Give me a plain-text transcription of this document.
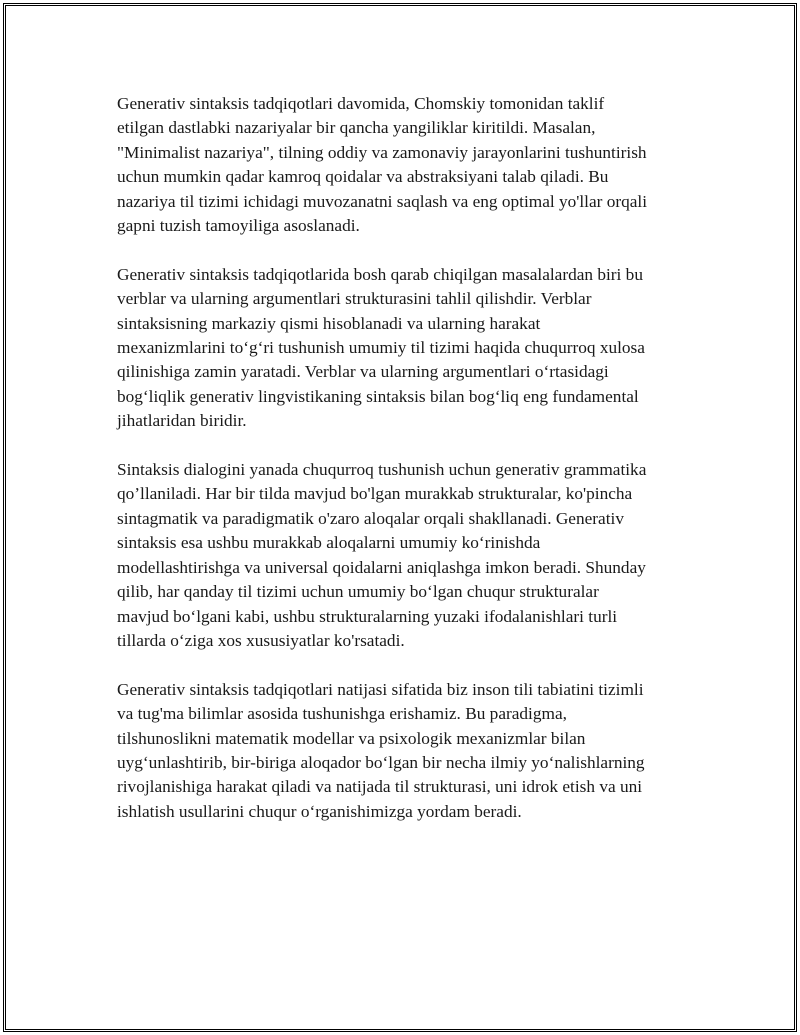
Generativ sintaksis tadqiqotlari davomida, Chomskiy tomonidan taklif
etilgan dastlabki nazariyalar bir qancha yangiliklar kiritildi. Masalan,
"Minimalist nazariya", tilning oddiy va zamonaviy jarayonlarini tushuntirish
uchun mumkin qadar kamroq qoidalar va abstraksiyani talab qiladi. Bu
nazariya til tizimi ichidagi muvozanatni saqlash va eng optimal yo'llar orqali
gapni tuzish tamoyiliga asoslanadi.

Generativ sintaksis tadqiqotlarida bosh qarab chiqilgan masalalardan biri bu
verblar va ularning argumentlari strukturasini tahlil qilishdir. Verblar
sintaksisning markaziy qismi hisoblanadi va ularning harakat
mexanizmlarini to‘g‘ri tushunish umumiy til tizimi haqida chuqurroq xulosa
qilinishiga zamin yaratadi. Verblar va ularning argumentlari o‘rtasidagi
bog‘liqlik generativ lingvistikaning sintaksis bilan bog‘liq eng fundamental
jihatlaridan biridir.

Sintaksis dialogini yanada chuqurroq tushunish uchun generativ grammatika
qo’llaniladi. Har bir tilda mavjud bo'lgan murakkab strukturalar, ko'pincha
sintagmatik va paradigmatik o'zaro aloqalar orqali shakllanadi. Generativ
sintaksis esa ushbu murakkab aloqalarni umumiy ko‘rinishda
modellashtirishga va universal qoidalarni aniqlashga imkon beradi. Shunday
qilib, har qanday til tizimi uchun umumiy bo‘lgan chuqur strukturalar
mavjud bo‘lgani kabi, ushbu strukturalarning yuzaki ifodalanishlari turli
tillarda o‘ziga xos xususiyatlar ko'rsatadi.

Generativ sintaksis tadqiqotlari natijasi sifatida biz inson tili tabiatini tizimli
va tug'ma bilimlar asosida tushunishga erishamiz. Bu paradigma,
tilshunoslikni matematik modellar va psixologik mexanizmlar bilan
uyg‘unlashtirib, bir-biriga aloqador bo‘lgan bir necha ilmiy yo‘nalishlarning
rivojlanishiga harakat qiladi va natijada til strukturasi, uni idrok etish va uni
ishlatish usullarini chuqur o‘rganishimizga yordam beradi.
